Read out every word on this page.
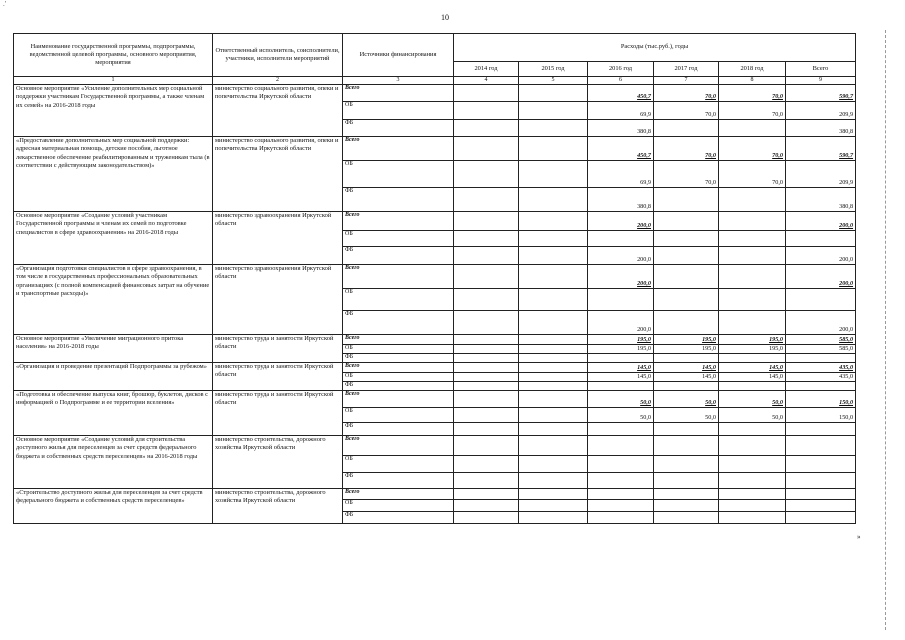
.'
10
»
Наименование государственной программы, подпрограммы, ведомственной целевой программы, основного мероприятия, мероприятия	Ответственный исполнитель, соисполнители, участники, исполнители мероприятий	Источники финансирования	Расходы (тыс.руб.), годы					
			2014 год	2015 год	2016 год	2017 год	2018 год	Всего
1	2	3	4	5	6	7	8	9
Основное мероприятие «Усиление дополнительных мер социальной поддержки участникам Государственной программы, а также членам их семей» на 2016-2018 годы	министерство социального развития, опеки и попечительства Иркутской области	Всего			450,7	70,0	70,0	590,7
		ОБ			69,9	70,0	70,0	209,9
		ФБ			380,8			380,8
«Предоставление дополнительных мер социальной поддержки: адресная материальная помощь, детские пособия, льготное лекарственное обеспечение реабилитированным и труженикам тыла (в соответствии с действующим законодательством)»	министерство социального развития, опеки и попечительства Иркутской области	Всего			450,7	70,0	70,0	590,7
		ОБ			69,9	70,0	70,0	209,9
		ФБ			380,8			380,8
Основное мероприятие «Создание условий участникам Государственной программы и членам их семей по подготовке специалистов в сфере здравоохранения» на 2016-2018 годы	министерство здравоохранения Иркутской области	Всего			200,0			200,0
		ОБ						
		ФБ			200,0			200,0
«Организация подготовки специалистов в сфере здравоохранения, в том числе в государственных профессиональных образовательных организациях (с полной компенсацией финансовых затрат на обучение и транспортные расходы)»	министерство здравоохранения Иркутской области	Всего			200,0			200,0
		ОБ						
		ФБ			200,0			200,0
Основное мероприятие «Увеличение миграционного притока населения» на 2016-2018 годы	министерство труда и занятости Иркутской области	Всего			195,0	195,0	195,0	585,0
		ОБ			195,0	195,0	195,0	585,0
		ФБ						
«Организация и проведение презентаций Подпрограммы за рубежом»	министерство труда и занятости Иркутской области	Всего			145,0	145,0	145,0	435,0
		ОБ			145,0	145,0	145,0	435,0
		ФБ						
«Подготовка и обеспечение выпуска книг, брошюр, буклетов, дисков с информацией о Подпрограмме и ее территории вселения»	министерство труда и занятости Иркутской области	Всего			50,0	50,0	50,0	150,0
		ОБ			50,0	50,0	50,0	150,0
		ФБ						
Основное мероприятие «Создание условий для строительства доступного жилья для переселенцев за счет средств федерального бюджета и собственных средств переселенцев» на 2016-2018 годы	министерство строительства, дорожного хозяйства Иркутской области	Всего						
		ОБ						
		ФБ						
«Строительство доступного жилья для переселенцев за счет средств федерального бюджета и собственных средств переселенцев»	министерство строительства, дорожного хозяйства Иркутской области	Всего						
		ОБ						
		ФБ						
